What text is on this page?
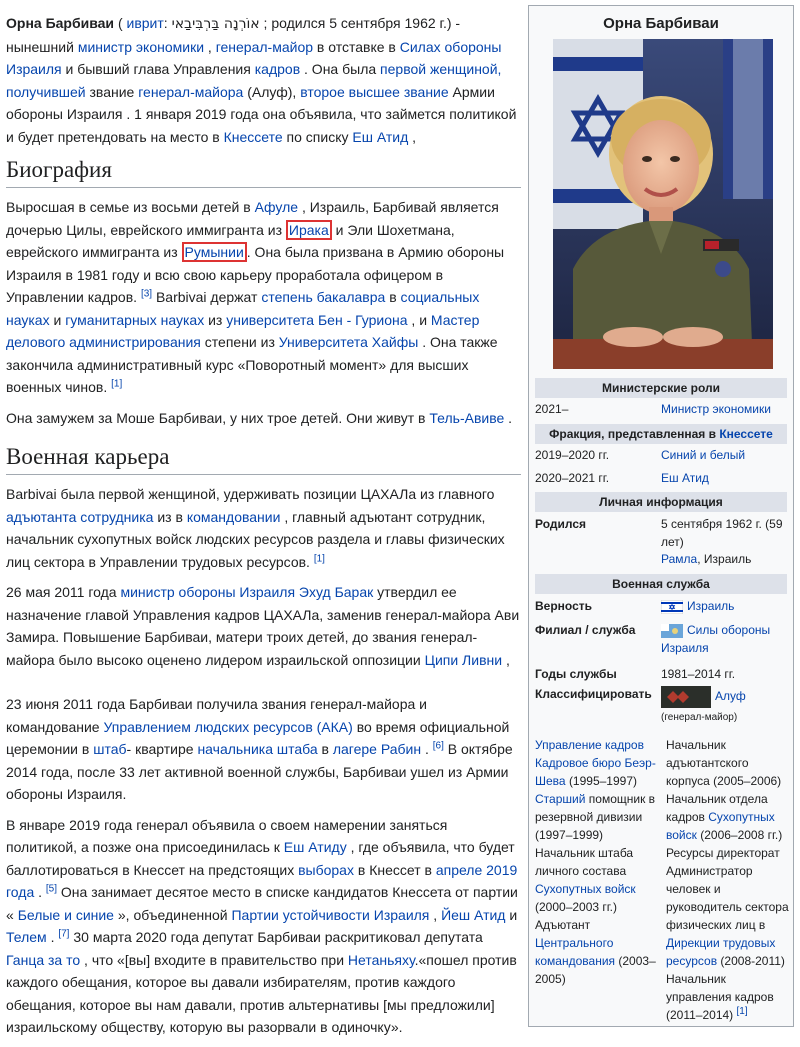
Орна Барбиваи ( иврит: אוֹרְנָה בַּרְבִּיבַאי ; родился 5 сентября 1962 г.) - нынешний министр экономики , генерал-майор в отставке в Силах обороны Израиля и бывший глава Управления кадров . Она была первой женщиной, получившей звание генерал-майора (Алуф), второе высшее звание Армии обороны Израиля . 1 января 2019 года она объявила, что займется политикой и будет претендовать на место в Кнессете по списку Еш Атид ,

Биография

Выросшая в семье из восьми детей в Афуле , Израиль, Барбивай является дочерью Цилы, еврейского иммигранта из Ирака и Эли Шохетмана, еврейского иммигранта из Румынии . Она была призвана в Армию обороны Израиля в 1981 году и всю свою карьеру проработала офицером в Управлении кадров. [3] Barbivai держат степень бакалавра в социальных науках и гуманитарных науках из университета Бен - Гуриона , и Мастер делового администрирования степени из Университета Хайфы . Она также закончила административный курс «Поворотный момент» для высших военных чинов. [1]

Она замужем за Моше Барбиваи, у них трое детей. Они живут в Тель-Авиве .

Военная карьера

Barbivai была первой женщиной, удерживать позиции ЦАХАЛа из главного адъютанта сотрудника из в командовании , главный адъютант сотрудник, начальник сухопутных войск людских ресурсов раздела и главы физических лиц сектора в Управлении трудовых ресурсов. [1]

26 мая 2011 года министр обороны Израиля Эхуд Барак утвердил ее назначение главой Управления кадров ЦАХАЛа, заменив генерал-майора Ави Замира. Повышение Барбиваи, матери троих детей, до звания генерал-майора было высоко оценено лидером израильской оппозиции Ципи Ливни ,

23 июня 2011 года Барбиваи получила звания генерал-майора и командование Управлением людских ресурсов (АКА) во время официальной церемонии в штаб- квартире начальника штаба в лагере Рабин . [6] В октябре 2014 года, после 33 лет активной военной службы, Барбиваи ушел из Армии обороны Израиля.

В январе 2019 года генерал объявила о своем намерении заняться политикой, а позже она присоединилась к Еш Атиду , где объявила, что будет баллотироваться в Кнессет на предстоящих выборах в Кнессет в апреле 2019 года . [5] Она занимает десятое место в списке кандидатов Кнессета от партии « Белые и синие », объединенной Партии устойчивости Израиля , Йеш Атид и Телем . [7] 30 марта 2020 года депутат Барбиваи раскритиковал депутата Ганца за то , что «[вы] входите в правительство при Нетаньяху.«пошел против каждого обещания, которое вы давали избирателям, против каждого обещания, которое вы нам давали, против альтернативы [мы предложили] израильскому обществу, которую вы разорвали в одиночку».

Орна Барбиваи
Министерские роли
2021–	Министр экономики
Фракция, представленная в Кнессете
2019–2020 гг.	Синий и белый
2020–2021 гг.	Еш Атид
Личная информация
Родился	5 сентября 1962 г. (59 лет)
Рамла, Израиль
Военная служба
Верность	Израиль
Филиал / служба	Силы обороны Израиля
Годы службы	1981–2014 гг.
Классифицировать	Алуф
(генерал-майор)
Управление кадров
Кадровое бюро Беэр-Шева (1995–1997)
Старший помощник в резервной дивизии (1997–1999)
Начальник штаба личного состава Сухопутных войск (2000–2003 гг.)
Адъютант Центрального командования (2003–2005)
Начальник адъютантского корпуса (2005–2006)
Начальник отдела кадров Сухопутных войск (2006–2008 гг.)
Ресурсы директорат Администратор человек и руководитель сектора физических лиц в Дирекции трудовых ресурсов (2008-2011)
Начальник управления кадров (2011–2014) [1]
